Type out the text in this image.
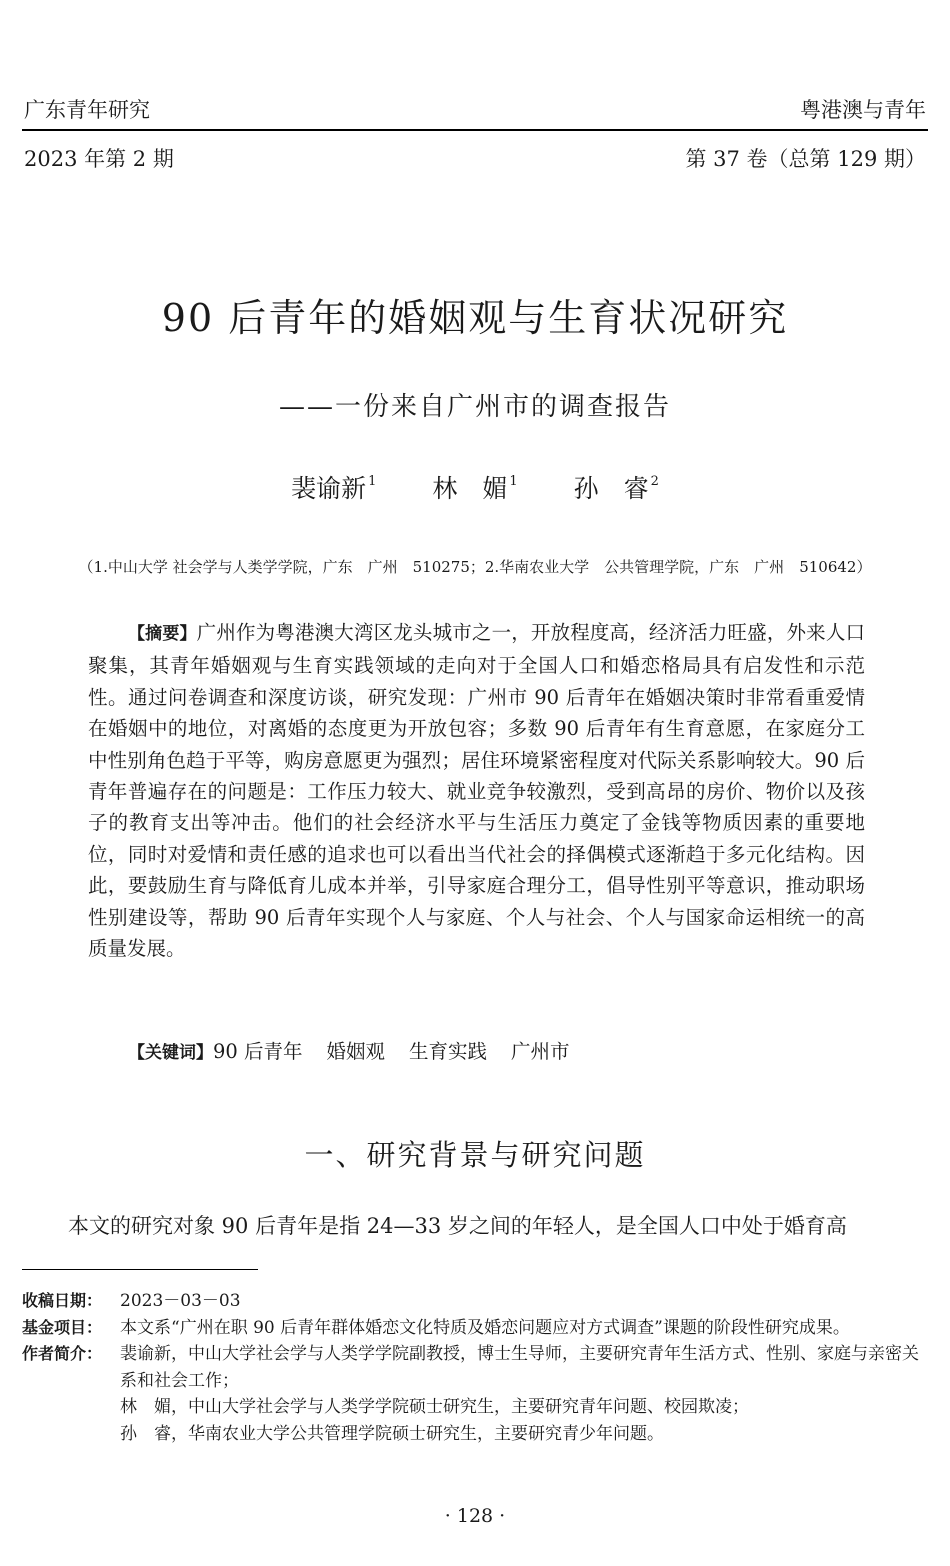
广东青年研究	粤港澳与青年
2023 年第 2 期	第 37 卷（总第 129 期）
90 后青年的婚姻观与生育状况研究
——一份来自广州市的调查报告
裴谕新 $^1$ 林　媚 $^1$ 孙　睿 $^2$
（1.中山大学 社会学与人类学学院，广东　广州　510275；2.华南农业大学　公共管理学院，广东　广州　510642）
【摘要】广州作为粤港澳大湾区龙头城市之一，开放程度高，经济活力旺盛，外来人口聚集，其青年婚姻观与生育实践领域的走向对于全国人口和婚恋格局具有启发性和示范性。通过问卷调查和深度访谈，研究发现：广州市 90 后青年在婚姻决策时非常看重爱情在婚姻中的地位，对离婚的态度更为开放包容；多数 90 后青年有生育意愿，在家庭分工中性别角色趋于平等，购房意愿更为强烈；居住环境紧密程度对代际关系影响较大。90 后青年普遍存在的问题是：工作压力较大、就业竞争较激烈，受到高昂的房价、物价以及孩子的教育支出等冲击。他们的社会经济水平与生活压力奠定了金钱等物质因素的重要地位，同时对爱情和责任感的追求也可以看出当代社会的择偶模式逐渐趋于多元化结构。因此，要鼓励生育与降低育儿成本并举，引导家庭合理分工，倡导性别平等意识，推动职场性别建设等，帮助 90 后青年实现个人与家庭、个人与社会、个人与国家命运相统一的高质量发展。
【关键词】90 后青年 婚姻观 生育实践 广州市
一、研究背景与研究问题
本文的研究对象 90 后青年是指 24—33 岁之间的年轻人，是全国人口中处于婚育高
收稿日期：	2023－03－03
基金项目：	本文系“广州在职 90 后青年群体婚恋文化特质及婚恋问题应对方式调查”课题的阶段性研究成果。
作者简介：	裴谕新，中山大学社会学与人类学学院副教授，博士生导师，主要研究青年生活方式、性别、家庭与亲密关系和社会工作；
林　媚，中山大学社会学与人类学学院硕士研究生，主要研究青年问题、校园欺凌；
孙　睿，华南农业大学公共管理学院硕士研究生，主要研究青少年问题。
· 128 ·
